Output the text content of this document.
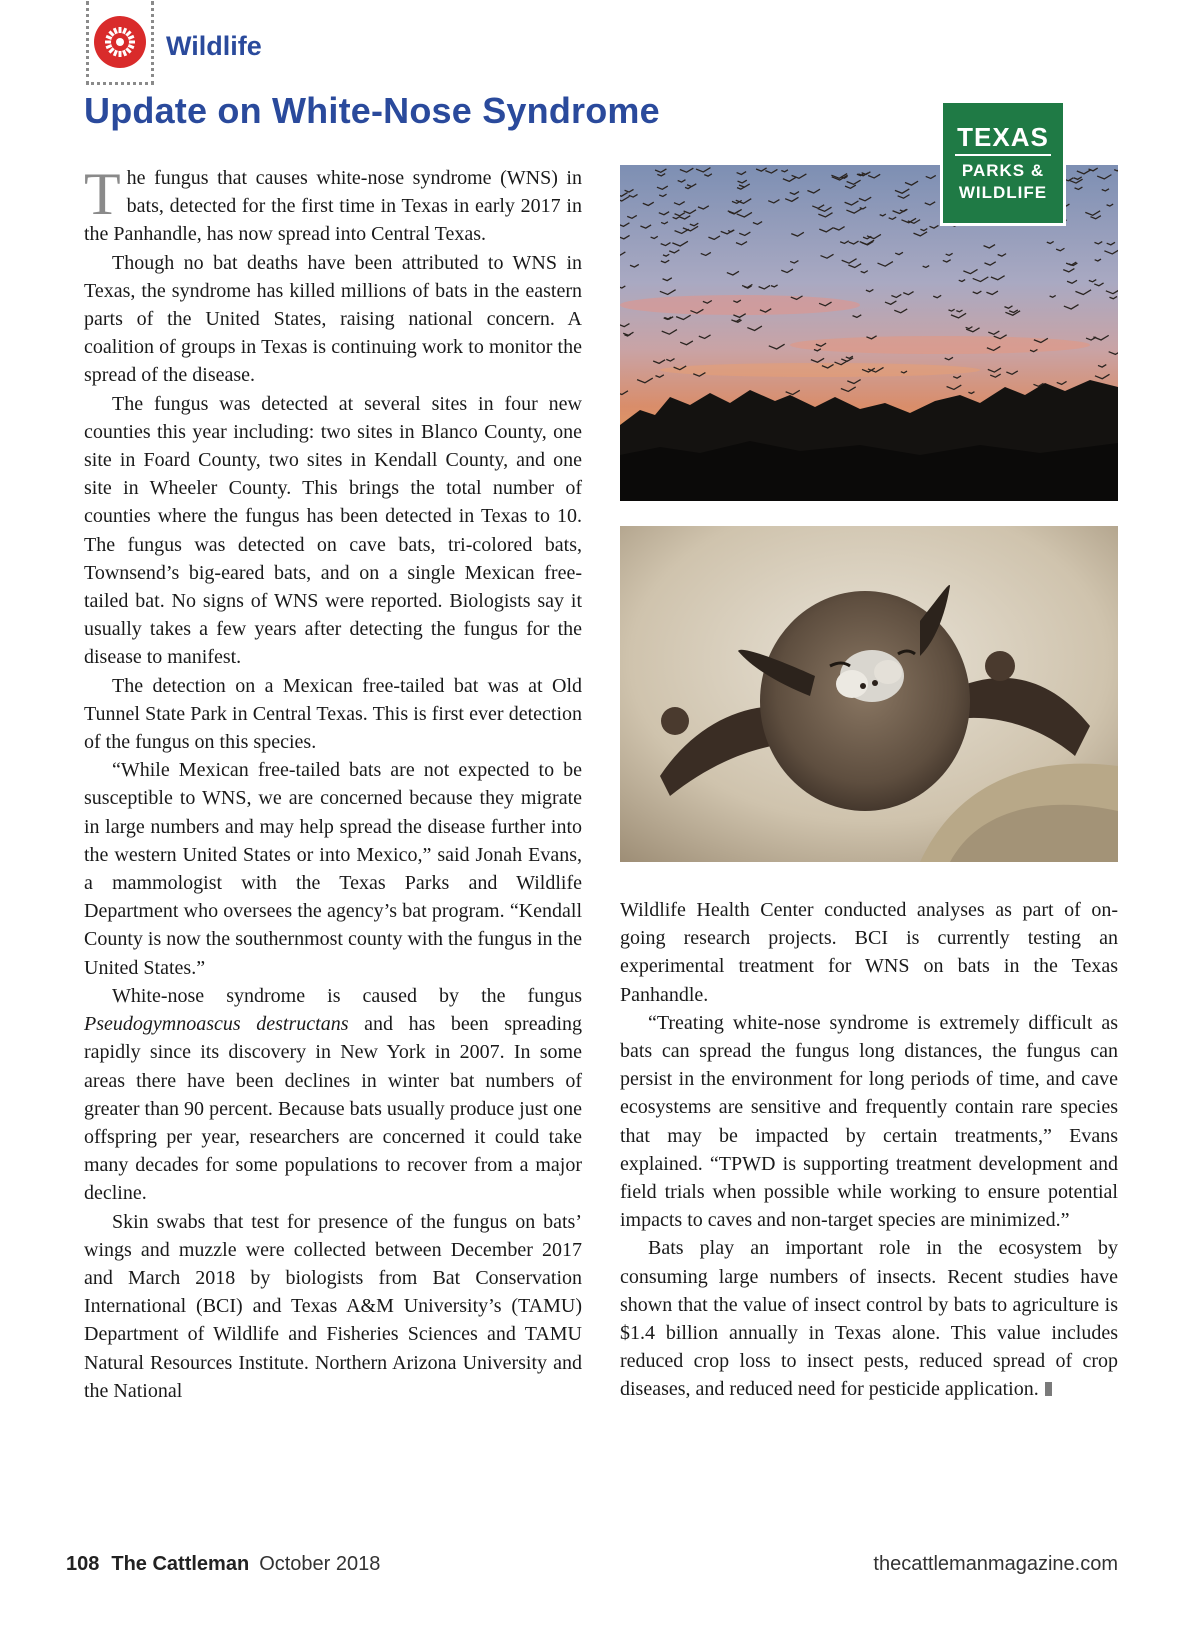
Wildlife
Update on White-Nose Syndrome

The fungus that causes white-nose syndrome (WNS) in bats, detected for the first time in Texas in early 2017 in the Panhandle, has now spread into Central Texas.

Though no bat deaths have been attributed to WNS in Texas, the syndrome has killed millions of bats in the eastern parts of the United States, raising national concern. A coalition of groups in Texas is continuing work to monitor the spread of the disease.

The fungus was detected at several sites in four new counties this year including: two sites in Blanco County, one site in Foard County, two sites in Kendall County, and one site in Wheeler County. This brings the total number of counties where the fungus has been detected in Texas to 10. The fungus was detected on cave bats, tri-colored bats, Townsend’s big-eared bats, and on a single Mexican free-tailed bat. No signs of WNS were reported. Biologists say it usually takes a few years after detecting the fungus for the disease to manifest.

The detection on a Mexican free-tailed bat was at Old Tunnel State Park in Central Texas. This is first ever detection of the fungus on this species.

“While Mexican free-tailed bats are not expected to be susceptible to WNS, we are concerned because they migrate in large numbers and may help spread the disease further into the western United States or into Mexico,” said Jonah Evans, a mammologist with the Texas Parks and Wildlife Department who oversees the agency’s bat program. “Kendall County is now the southernmost county with the fungus in the United States.”

White-nose syndrome is caused by the fungus Pseudogymnoascus destructans and has been spreading rapidly since its discovery in New York in 2007. In some areas there have been declines in winter bat numbers of greater than 90 percent. Because bats usually produce just one offspring per year, researchers are concerned it could take many decades for some populations to recover from a major decline.

Skin swabs that test for presence of the fungus on bats’ wings and muzzle were collected between December 2017 and March 2018 by biologists from Bat Conservation International (BCI) and Texas A&M University’s (TAMU) Department of Wildlife and Fisheries Sciences and TAMU Natural Resources Institute. Northern Arizona University and the National

TEXAS
PARKS &
WILDLIFE

Wildlife Health Center conducted analyses as part of on-going research projects. BCI is currently testing an experimental treatment for WNS on bats in the Texas Panhandle.

“Treating white-nose syndrome is extremely difficult as bats can spread the fungus long distances, the fungus can persist in the environment for long periods of time, and cave ecosystems are sensitive and frequently contain rare species that may be impacted by certain treatments,” Evans explained. “TPWD is supporting treatment development and field trials when possible while working to ensure potential impacts to caves and non-target species are minimized.”

Bats play an important role in the ecosystem by consuming large numbers of insects. Recent studies have shown that the value of insect control by bats to agriculture is $1.4 billion annually in Texas alone. This value includes reduced crop loss to insect pests, reduced spread of crop diseases, and reduced need for pesticide application.

108 The Cattleman October 2018	thecattlemanmagazine.com
